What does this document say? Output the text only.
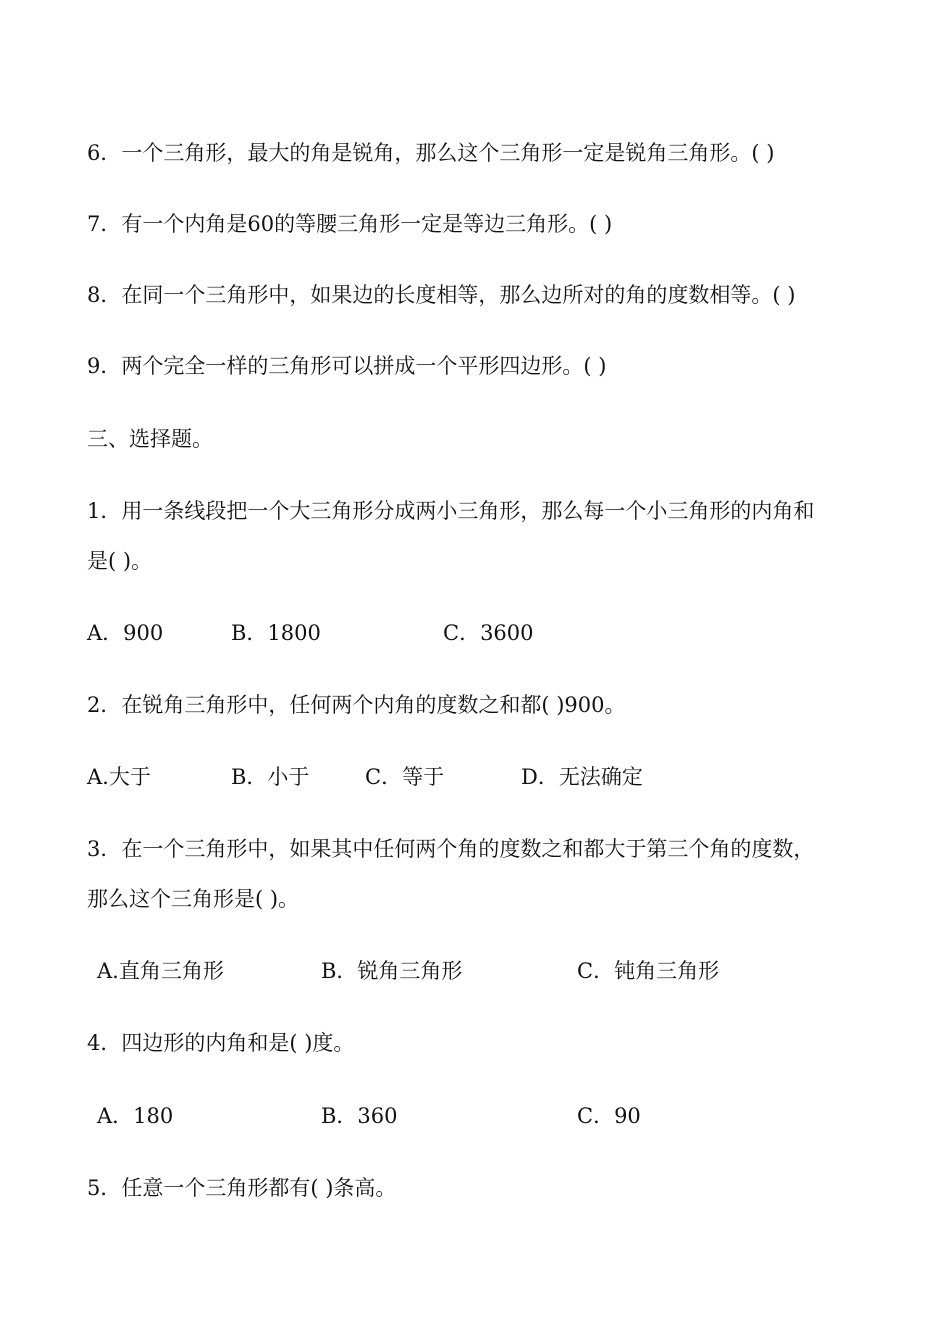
6．一个三角形，最大的角是锐角，那么这个三角形一定是锐角三角形。( )
7．有一个内角是60的等腰三角形一定是等边三角形。( )
8．在同一个三角形中，如果边的长度相等，那么边所对的角的度数相等。( )
9．两个完全一样的三角形可以拼成一个平形四边形。( )
三、选择题。
1．用一条线段把一个大三角形分成两小三角形，那么每一个小三角形的内角和
是( )。
A．900	B．1800	C．3600
2．在锐角三角形中，任何两个内角的度数之和都( )900。
A.大于	B．小于	C．等于	D．无法确定
3．在一个三角形中，如果其中任何两个角的度数之和都大于第三个角的度数，
那么这个三角形是( )。
A.直角三角形	B．锐角三角形	C．钝角三角形
4．四边形的内角和是( )度。
A．180	B．360	C．90
5．任意一个三角形都有( )条高。
